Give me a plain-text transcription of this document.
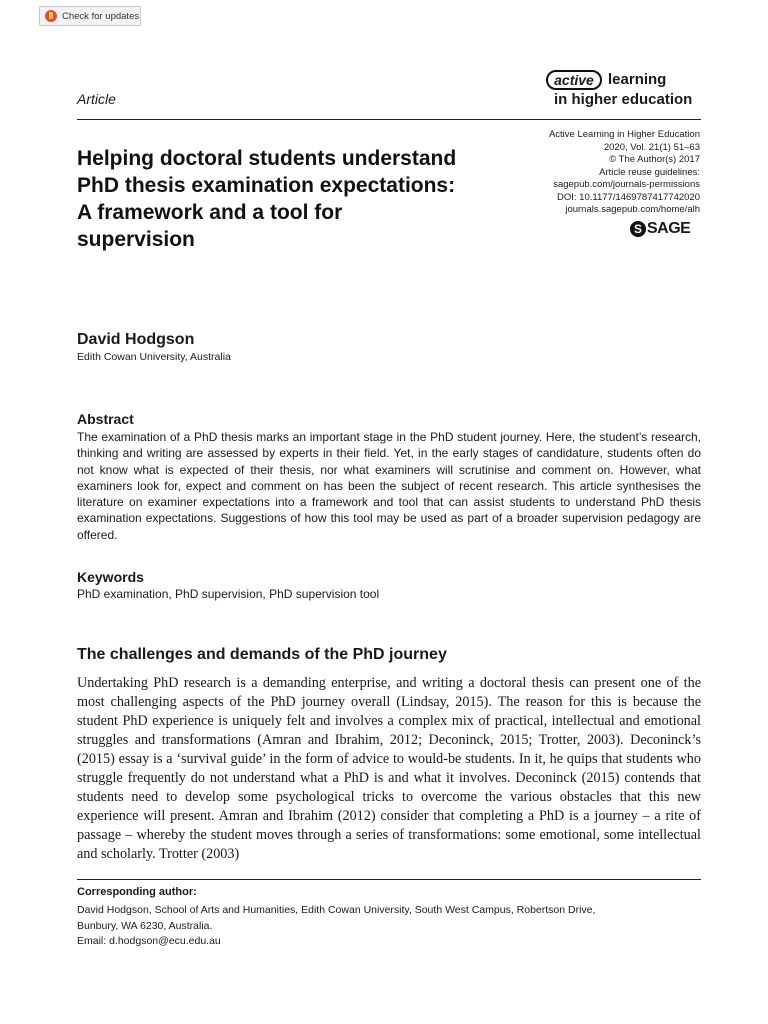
Check for updates
Article
active learning
in higher education
Active Learning in Higher Education
2020, Vol. 21(1) 51–63
© The Author(s) 2017
Article reuse guidelines:
sagepub.com/journals-permissions
DOI: 10.1177/1469787417742020
journals.sagepub.com/home/alh
S SAGE
Helping doctoral students understand PhD thesis examination expectations: A framework and a tool for supervision
David Hodgson
Edith Cowan University, Australia
Abstract

The examination of a PhD thesis marks an important stage in the PhD student journey. Here, the student’s research, thinking and writing are assessed by experts in their field. Yet, in the early stages of candidature, students often do not know what is expected of their thesis, nor what examiners will scrutinise and comment on. However, what examiners look for, expect and comment on has been the subject of recent research. This article synthesises the literature on examiner expectations into a framework and tool that can assist students to understand PhD thesis examination expectations. Suggestions of how this tool may be used as part of a broader supervision pedagogy are offered.

Keywords
PhD examination, PhD supervision, PhD supervision tool
The challenges and demands of the PhD journey

Undertaking PhD research is a demanding enterprise, and writing a doctoral thesis can present one of the most challenging aspects of the PhD journey overall (Lindsay, 2015). The reason for this is because the student PhD experience is uniquely felt and involves a complex mix of practical, intellectual and emotional struggles and transformations (Amran and Ibrahim, 2012; Deconinck, 2015; Trotter, 2003). Deconinck’s (2015) essay is a ‘survival guide’ in the form of advice to would-be students. In it, he quips that students who struggle frequently do not understand what a PhD is and what it involves. Deconinck (2015) contends that students need to develop some psychological tricks to overcome the various obstacles that this new experience will present. Amran and Ibrahim (2012) consider that completing a PhD is a journey – a rite of passage – whereby the student moves through a series of transformations: some emotional, some intellectual and scholarly. Trotter (2003)

Corresponding author:
David Hodgson, School of Arts and Humanities, Edith Cowan University, South West Campus, Robertson Drive,
Bunbury, WA 6230, Australia.
Email: d.hodgson@ecu.edu.au
